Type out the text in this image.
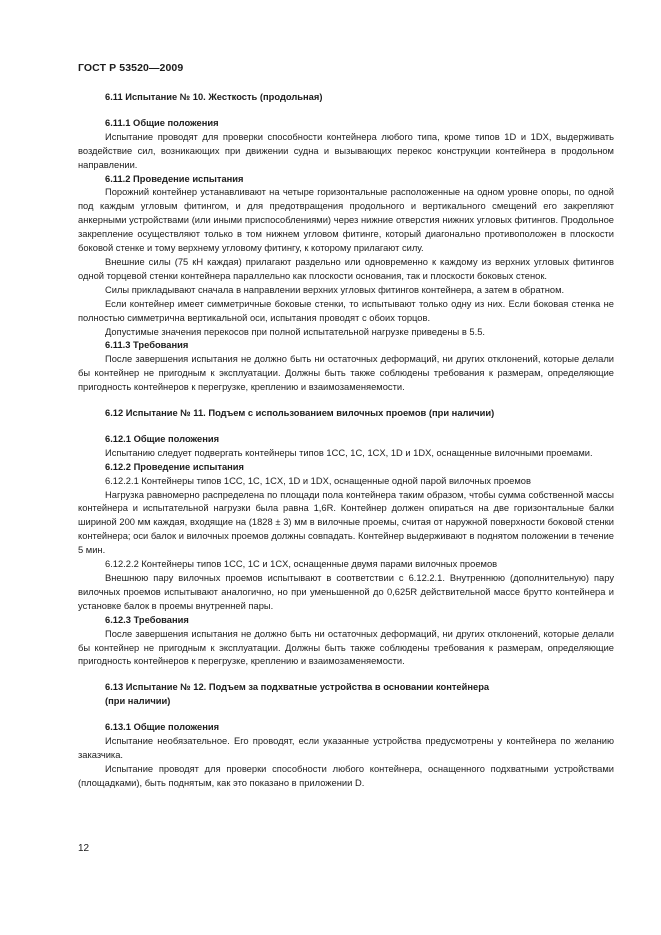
ГОСТ Р 53520—2009

6.11 Испытание № 10. Жесткость (продольная)

6.11.1 Общие положения

Испытание проводят для проверки способности контейнера любого типа, кроме типов 1D и 1DX, выдерживать воздействие сил, возникающих при движении судна и вызывающих перекос конструкции контейнера в продольном направлении.

6.11.2 Проведение испытания

Порожний контейнер устанавливают на четыре горизонтальные расположенные на одном уровне опоры, по одной под каждым угловым фитингом, и для предотвращения продольного и вертикального смещений его закрепляют анкерными устройствами (или иными приспособлениями) через нижние отверстия нижних угловых фитингов. Продольное закрепление осуществляют только в том нижнем угловом фитинге, который диагонально противоположен в плоскости боковой стенке и тому верхнему угловому фитингу, к которому прилагают силу.

Внешние силы (75 кН каждая) прилагают раздельно или одновременно к каждому из верхних угловых фитингов одной торцевой стенки контейнера параллельно как плоскости основания, так и плоскости боковых стенок.

Силы прикладывают сначала в направлении верхних угловых фитингов контейнера, а затем в обратном.

Если контейнер имеет симметричные боковые стенки, то испытывают только одну из них. Если боковая стенка не полностью симметрична вертикальной оси, испытания проводят с обоих торцов.

Допустимые значения перекосов при полной испытательной нагрузке приведены в 5.5.

6.11.3 Требования

После завершения испытания не должно быть ни остаточных деформаций, ни других отклонений, которые делали бы контейнер не пригодным к эксплуатации. Должны быть также соблюдены требования к размерам, определяющие пригодность контейнеров к перегрузке, креплению и взаимозаменяемости.

6.12 Испытание № 11. Подъем с использованием вилочных проемов (при наличии)

6.12.1 Общие положения

Испытанию следует подвергать контейнеры типов 1CC, 1C, 1CX, 1D и 1DX, оснащенные вилочными проемами.

6.12.2 Проведение испытания

6.12.2.1 Контейнеры типов 1CC, 1C, 1CX, 1D и 1DX, оснащенные одной парой вилочных проемов

Нагрузка равномерно распределена по площади пола контейнера таким образом, чтобы сумма собственной массы контейнера и испытательной нагрузки была равна 1,6R. Контейнер должен опираться на две горизонтальные балки шириной 200 мм каждая, входящие на (1828 ± 3) мм в вилочные проемы, считая от наружной поверхности боковой стенки контейнера; оси балок и вилочных проемов должны совпадать. Контейнер выдерживают в поднятом положении в течение 5 мин.

6.12.2.2 Контейнеры типов 1CC, 1C и 1CX, оснащенные двумя парами вилочных проемов

Внешнюю пару вилочных проемов испытывают в соответствии с 6.12.2.1. Внутреннюю (дополнительную) пару вилочных проемов испытывают аналогично, но при уменьшенной до 0,625R действительной массе брутто контейнера и установке балок в проемы внутренней пары.

6.12.3 Требования

После завершения испытания не должно быть ни остаточных деформаций, ни других отклонений, которые делали бы контейнер не пригодным к эксплуатации. Должны быть также соблюдены требования к размерам, определяющие пригодность контейнеров к перегрузке, креплению и взаимозаменяемости.

6.13 Испытание № 12. Подъем за подхватные устройства в основании контейнера

(при наличии)

6.13.1 Общие положения

Испытание необязательное. Его проводят, если указанные устройства предусмотрены у контейнера по желанию заказчика.

Испытание проводят для проверки способности любого контейнера, оснащенного подхватными устройствами (площадками), быть поднятым, как это показано в приложении D.

12
